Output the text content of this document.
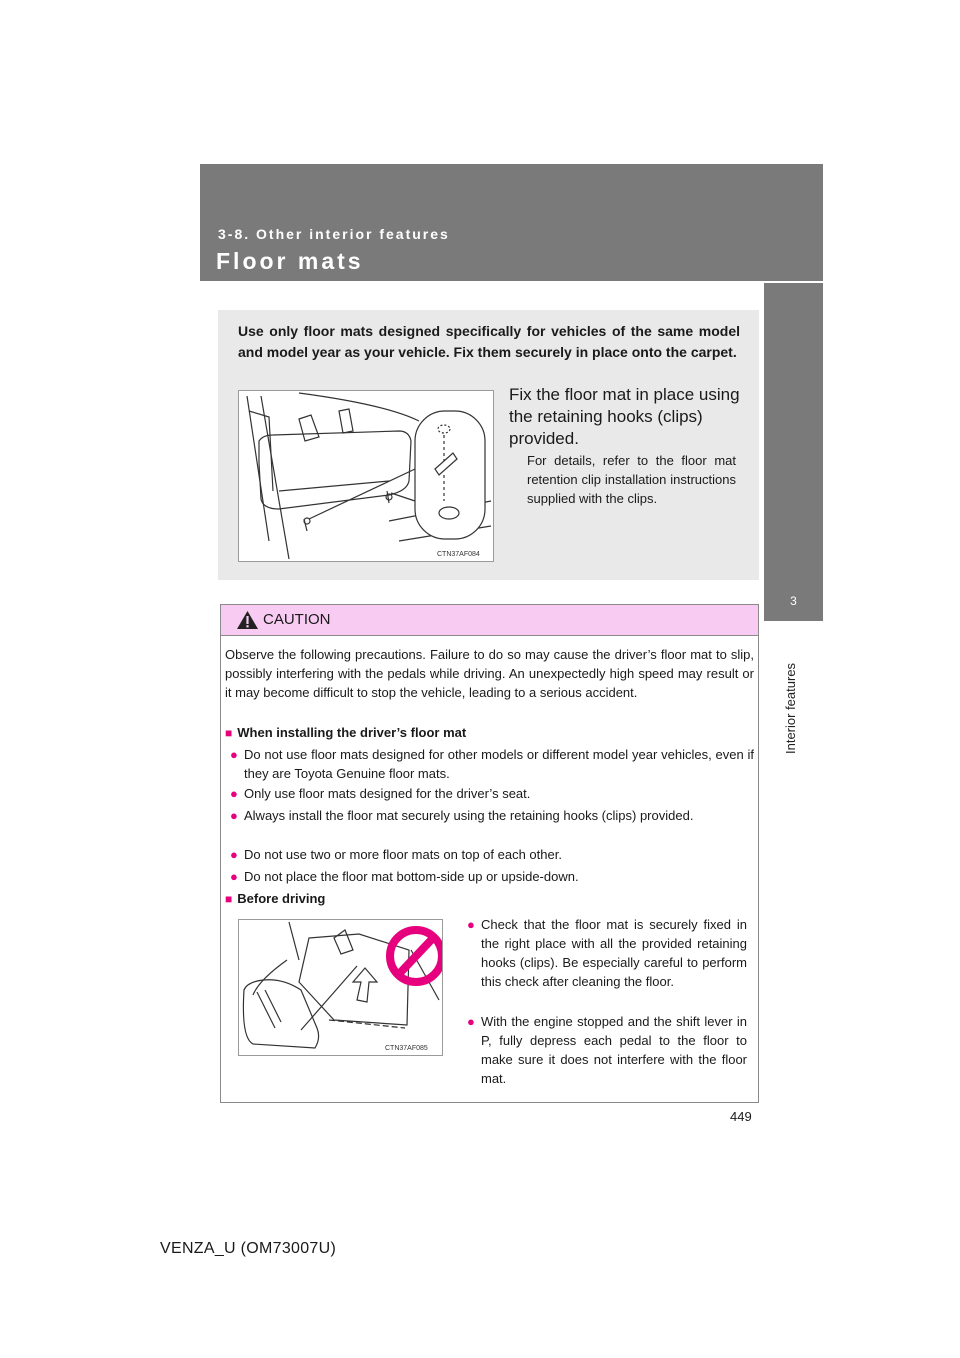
3-8. Other interior features
Floor mats
3
Interior features
Use only floor mats designed specifically for vehicles of the same model and model year as your vehicle. Fix them securely in place onto the carpet.
CTN37AF084
Fix the floor mat in place using the retaining hooks (clips) provided.
For details, refer to the floor mat retention clip installation instructions supplied with the clips.
CAUTION
Observe the following precautions. Failure to do so may cause the driver’s floor mat to slip, possibly interfering with the pedals while driving. An unexpectedly high speed may result or it may become difficult to stop the vehicle, leading to a serious accident.
■ When installing the driver’s floor mat
● Do not use floor mats designed for other models or different model year vehicles, even if they are Toyota Genuine floor mats.
● Only use floor mats designed for the driver’s seat.
● Always install the floor mat securely using the retaining hooks (clips) provided.
● Do not use two or more floor mats on top of each other.
● Do not place the floor mat bottom-side up or upside-down.
■ Before driving
CTN37AF085
● Check that the floor mat is securely fixed in the right place with all the provided retaining hooks (clips). Be especially careful to perform this check after cleaning the floor.
● With the engine stopped and the shift lever in P, fully depress each pedal to the floor to make sure it does not interfere with the floor mat.
449
VENZA_U (OM73007U)
